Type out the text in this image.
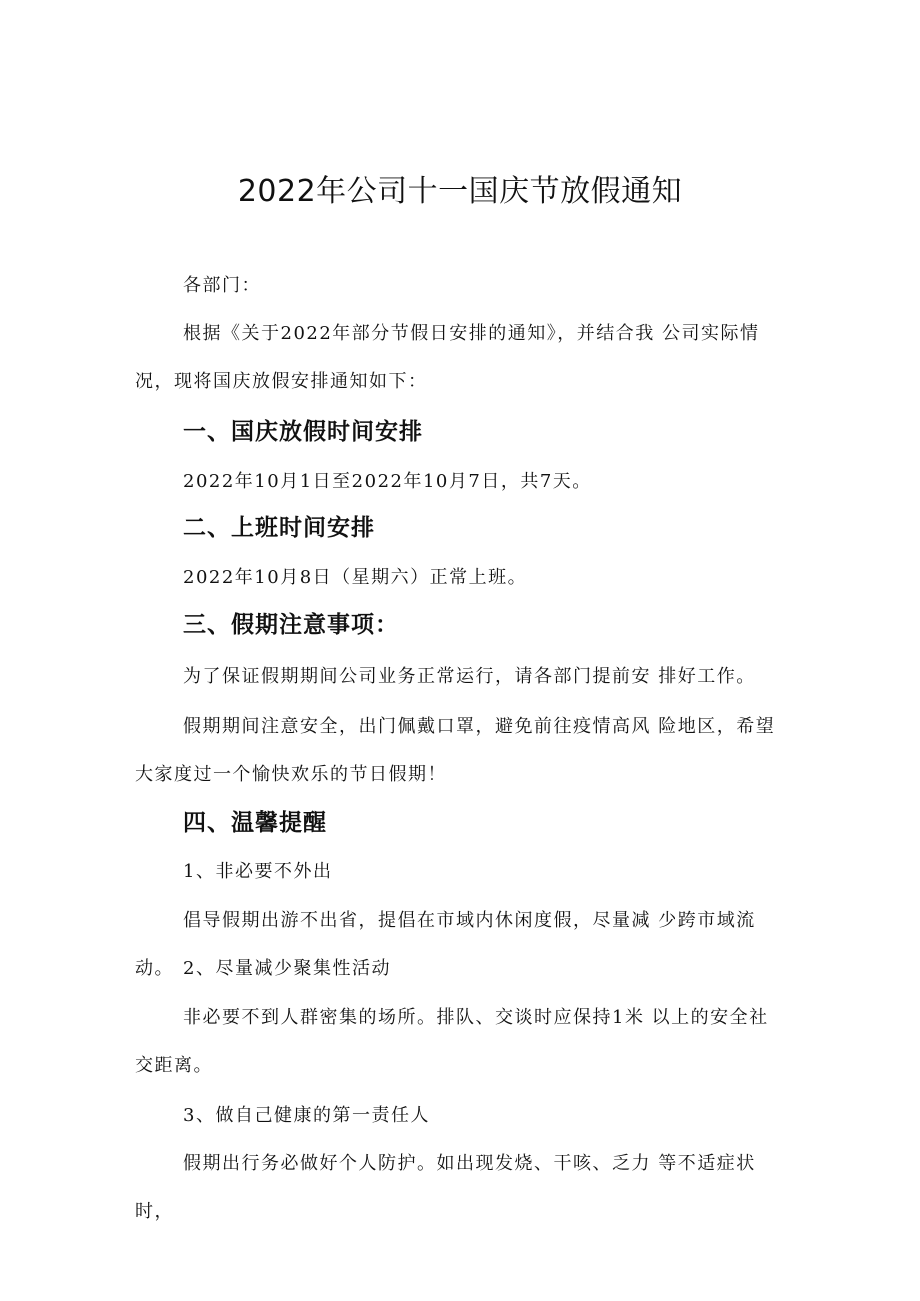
2022年公司十一国庆节放假通知

各部门：

根据《关于2022年部分节假日安排的通知》，并结合我 公司实际情况，现将国庆放假安排通知如下：

一、国庆放假时间安排

2022年10月1日至2022年10月7日，共7天。

二、上班时间安排

2022年10月8日（星期六）正常上班。

三、假期注意事项：

为了保证假期期间公司业务正常运行，请各部门提前安 排好工作。

假期期间注意安全，出门佩戴口罩，避免前往疫情高风 险地区，希望大家度过一个愉快欢乐的节日假期！

四、温馨提醒

1、非必要不外出

倡导假期出游不出省，提倡在市域内休闲度假，尽量减 少跨市域流动。 2、尽量减少聚集性活动

非必要不到人群密集的场所。排队、交谈时应保持1米 以上的安全社交距离。

3、做自己健康的第一责任人

假期出行务必做好个人防护。如出现发烧、干咳、乏力 等不适症状时，
